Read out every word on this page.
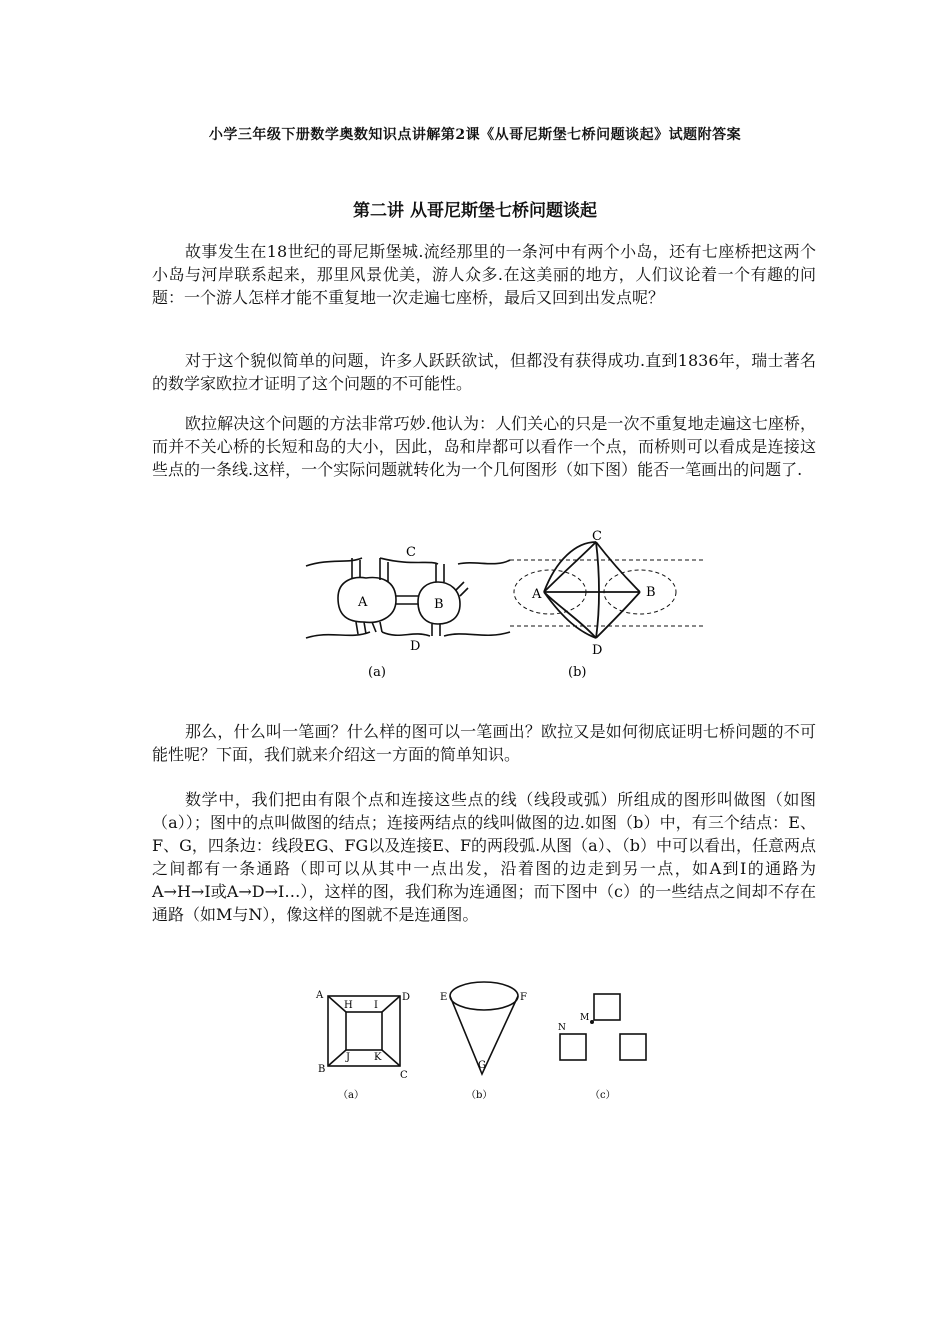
小学三年级下册数学奥数知识点讲解第2课《从哥尼斯堡七桥问题谈起》试题附答案
第二讲 从哥尼斯堡七桥问题谈起

故事发生在18世纪的哥尼斯堡城.流经那里的一条河中有两个小岛，还有七座桥把这两个小岛与河岸联系起来，那里风景优美，游人众多.在这美丽的地方，人们议论着一个有趣的问题：一个游人怎样才能不重复地一次走遍七座桥，最后又回到出发点呢？

对于这个貌似简单的问题，许多人跃跃欲试，但都没有获得成功.直到1836年，瑞士著名的数学家欧拉才证明了这个问题的不可能性。

欧拉解决这个问题的方法非常巧妙.他认为：人们关心的只是一次不重复地走遍这七座桥，而并不关心桥的长短和岛的大小，因此，岛和岸都可以看作一个点，而桥则可以看成是连接这些点的一条线.这样，一个实际问题就转化为一个几何图形（如下图）能否一笔画出的问题了.

那么，什么叫一笔画？什么样的图可以一笔画出？欧拉又是如何彻底证明七桥问题的不可能性呢？下面，我们就来介绍这一方面的简单知识。

数学中，我们把由有限个点和连接这些点的线（线段或弧）所组成的图形叫做图（如图（a））；图中的点叫做图的结点；连接两结点的线叫做图的边.如图（b）中，有三个结点：E、F、G，四条边：线段EG、FG以及连接E、F的两段弧.从图（a）、（b）中可以看出，任意两点之间都有一条通路（即可以从其中一点出发，沿着图的边走到另一点，如A到I的通路为A→H→I或A→D→I…），这样的图，我们称为连通图；而下图中（c）的一些结点之间却不存在通路（如M与N），像这样的图就不是连通图。

C
A	B
D
(a)
C
A	B
D
(b)
A	D
H I
J K
B
C
（a）
E	F
G
（b）
N
M
（c）
